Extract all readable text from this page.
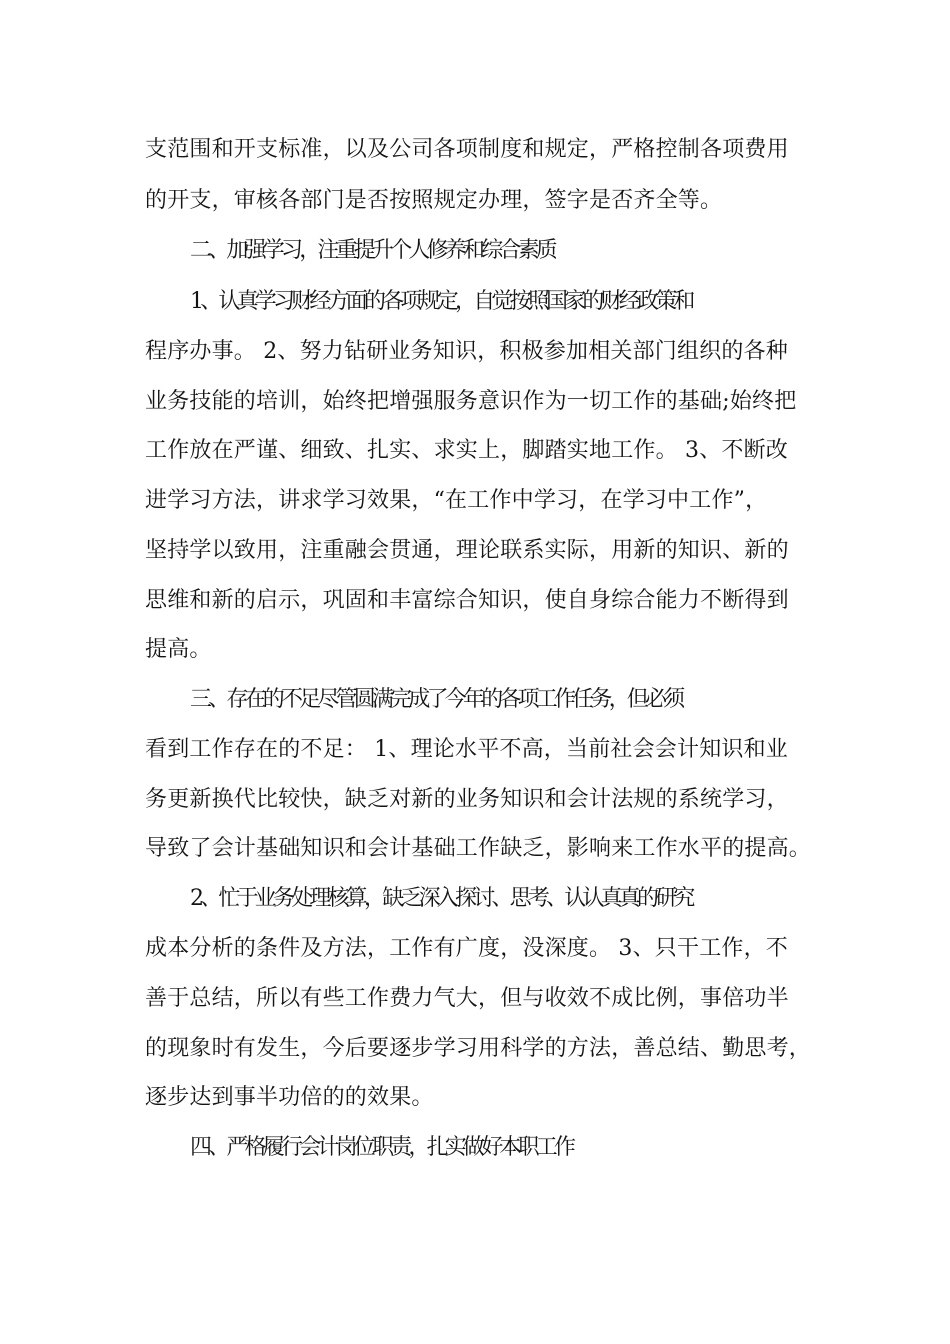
支范围和开支标准，以及公司各项制度和规定，严格控制各项费用
的开支，审核各部门是否按照规定办理，签字是否齐全等。
二、加强学习，注重提升个人修养和综合素质
1、认真学习财经方面的各项规定，自觉按照国家的财经政策和
程序办事。 2、努力钻研业务知识，积极参加相关部门组织的各种
业务技能的培训，始终把增强服务意识作为一切工作的基础;始终把
工作放在严谨、细致、扎实、求实上，脚踏实地工作。 3、不断改
进学习方法，讲求学习效果，“在工作中学习，在学习中工作”，
坚持学以致用，注重融会贯通，理论联系实际，用新的知识、新的
思维和新的启示，巩固和丰富综合知识，使自身综合能力不断得到
提高。
三、存在的不足尽管圆满完成了今年的各项工作任务，但必须
看到工作存在的不足： 1、理论水平不高，当前社会会计知识和业
务更新换代比较快，缺乏对新的业务知识和会计法规的系统学习，
导致了会计基础知识和会计基础工作缺乏，影响来工作水平的提高。
2、忙于业务处理核算，缺乏深入探讨、思考、认认真真的研究
成本分析的条件及方法，工作有广度，没深度。 3、只干工作，不
善于总结，所以有些工作费力气大，但与收效不成比例，事倍功半
的现象时有发生，今后要逐步学习用科学的方法，善总结、勤思考，
逐步达到事半功倍的的效果。
四、严格履行会计岗位职责，扎实做好本职工作
